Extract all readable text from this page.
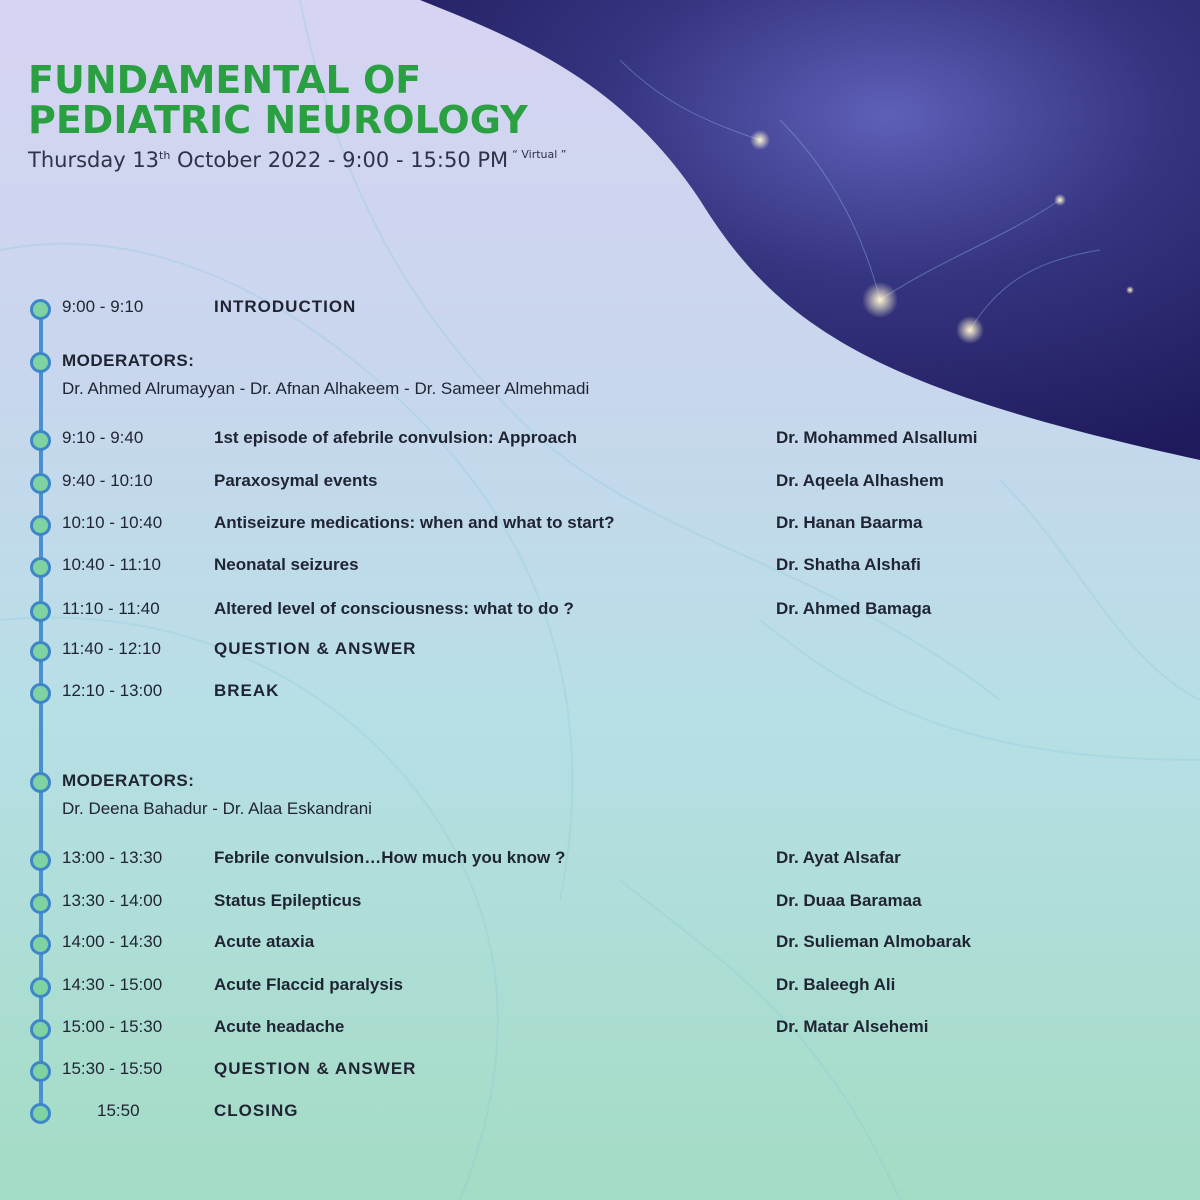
FUNDAMENTAL OF
PEDIATRIC NEUROLOGY
Thursday 13th October 2022 - 9:00 - 15:50 PM $^{“ Virtual ”}$
9:00 - 9:10	INTRODUCTION
MODERATORS:
Dr. Ahmed Alrumayyan - Dr. Afnan Alhakeem - Dr. Sameer Almehmadi
9:10 - 9:40	1st episode of afebrile convulsion: Approach	Dr. Mohammed Alsallumi
9:40 - 10:10	Paraxosymal events	Dr. Aqeela Alhashem
10:10 - 10:40	Antiseizure medications: when and what to start?	Dr. Hanan Baarma
10:40 - 11:10	Neonatal seizures	Dr. Shatha Alshafi
11:10 - 11:40	Altered level of consciousness: what to do ?	Dr. Ahmed Bamaga
11:40 - 12:10	QUESTION & ANSWER
12:10 - 13:00	BREAK
MODERATORS:
Dr. Deena Bahadur - Dr. Alaa Eskandrani
13:00 - 13:30	Febrile convulsion…How much you know ?	Dr. Ayat Alsafar
13:30 - 14:00	Status Epilepticus	Dr. Duaa Baramaa
14:00 - 14:30	Acute ataxia	Dr. Sulieman Almobarak
14:30 - 15:00	Acute Flaccid paralysis	Dr. Baleegh Ali
15:00 - 15:30	Acute headache	Dr. Matar Alsehemi
15:30 - 15:50	QUESTION & ANSWER
15:50	CLOSING
